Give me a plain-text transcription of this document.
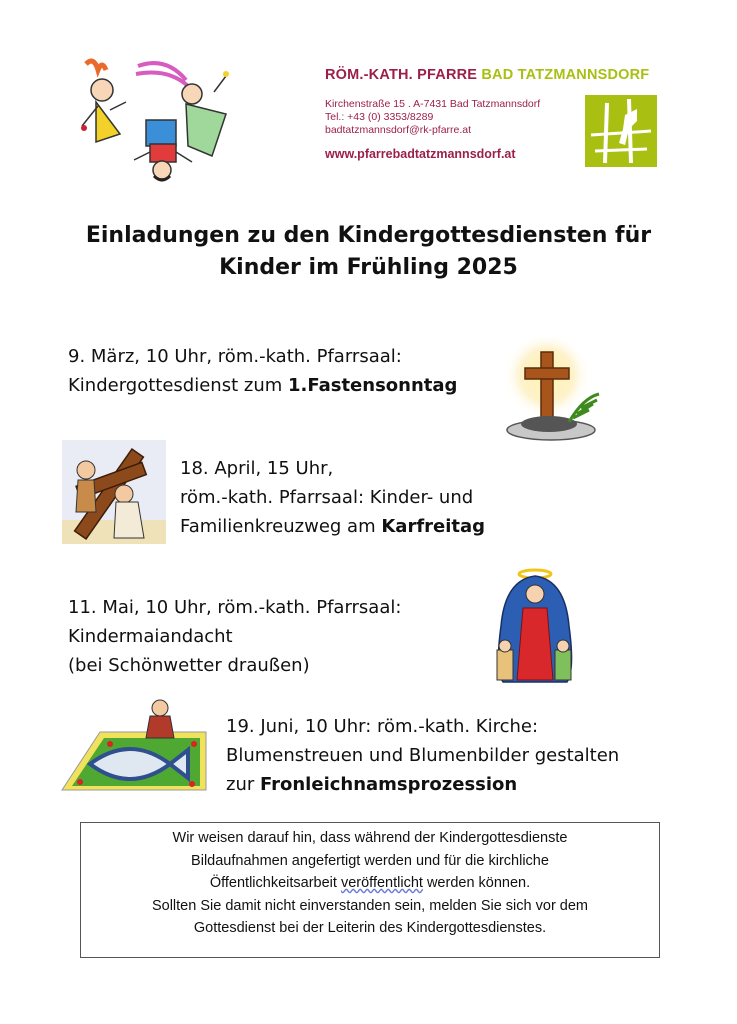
RÖM.-KATH. PFARRE BAD TATZMANNSDORF
Kirchenstraße 15 . A-7431 Bad Tatzmannsdorf
Tel.: +43 (0) 3353/8289
badtatzmannsdorf@rk-pfarre.at
www.pfarrebadtatzmannsdorf.at
Einladungen zu den Kindergottesdiensten für
Kinder im Frühling 2025
9. März, 10 Uhr, röm.-kath. Pfarrsaal:
Kindergottesdienst zum 1.Fastensonntag
18. April, 15 Uhr,
röm.-kath. Pfarrsaal: Kinder- und
Familienkreuzweg am Karfreitag
11. Mai, 10 Uhr, röm.-kath. Pfarrsaal:
Kindermaiandacht
(bei Schönwetter draußen)
19. Juni, 10 Uhr: röm.-kath. Kirche:
Blumenstreuen und Blumenbilder gestalten
zur Fronleichnamsprozession
Wir weisen darauf hin, dass während der Kindergottesdienste
Bildaufnahmen angefertigt werden und für die kirchliche
Öffentlichkeitsarbeit veröffentlicht werden können.
Sollten Sie damit nicht einverstanden sein, melden Sie sich vor dem
Gottesdienst bei der Leiterin des Kindergottesdienstes.
